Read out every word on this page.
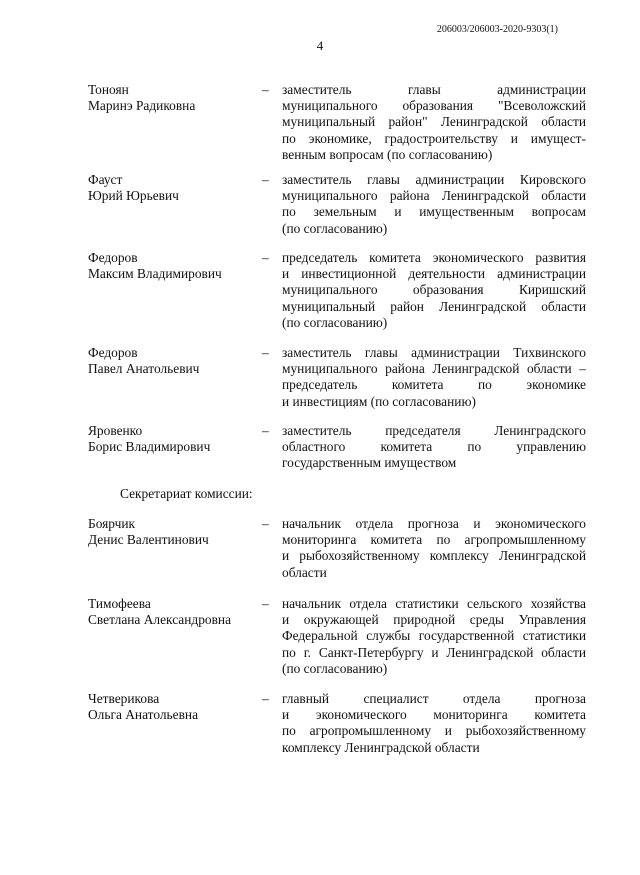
206003/206003-2020-9303(1)
4
Тоноян
Маринэ Радиковна
– заместитель главы администрации
муниципального образования "Всеволожский
муниципальный район" Ленинградской области
по экономике, градостроительству и имущест-
венным вопросам (по согласованию)
Фауст
Юрий Юрьевич
– заместитель главы администрации Кировского
муниципального района Ленинградской области
по земельным и имущественным вопросам
(по согласованию)
Федоров
Максим Владимирович
– председатель комитета экономического развития
и инвестиционной деятельности администрации
муниципального образования Киришский
муниципальный район Ленинградской области
(по согласованию)
Федоров
Павел Анатольевич
– заместитель главы администрации Тихвинского
муниципального района Ленинградской области –
председатель комитета по экономике
и инвестициям (по согласованию)
Яровенко
Борис Владимирович
– заместитель председателя Ленинградского
областного комитета по управлению
государственным имуществом
Секретариат комиссии:
Боярчик
Денис Валентинович
– начальник отдела прогноза и экономического
мониторинга комитета по агропромышленному
и рыбохозяйственному комплексу Ленинградской
области
Тимофеева
Светлана Александровна
– начальник отдела статистики сельского хозяйства
и окружающей природной среды Управления
Федеральной службы государственной статистики
по г. Санкт-Петербургу и Ленинградской области
(по согласованию)
Четверикова
Ольга Анатольевна
– главный специалист отдела прогноза
и экономического мониторинга комитета
по агропромышленному и рыбохозяйственному
комплексу Ленинградской области
